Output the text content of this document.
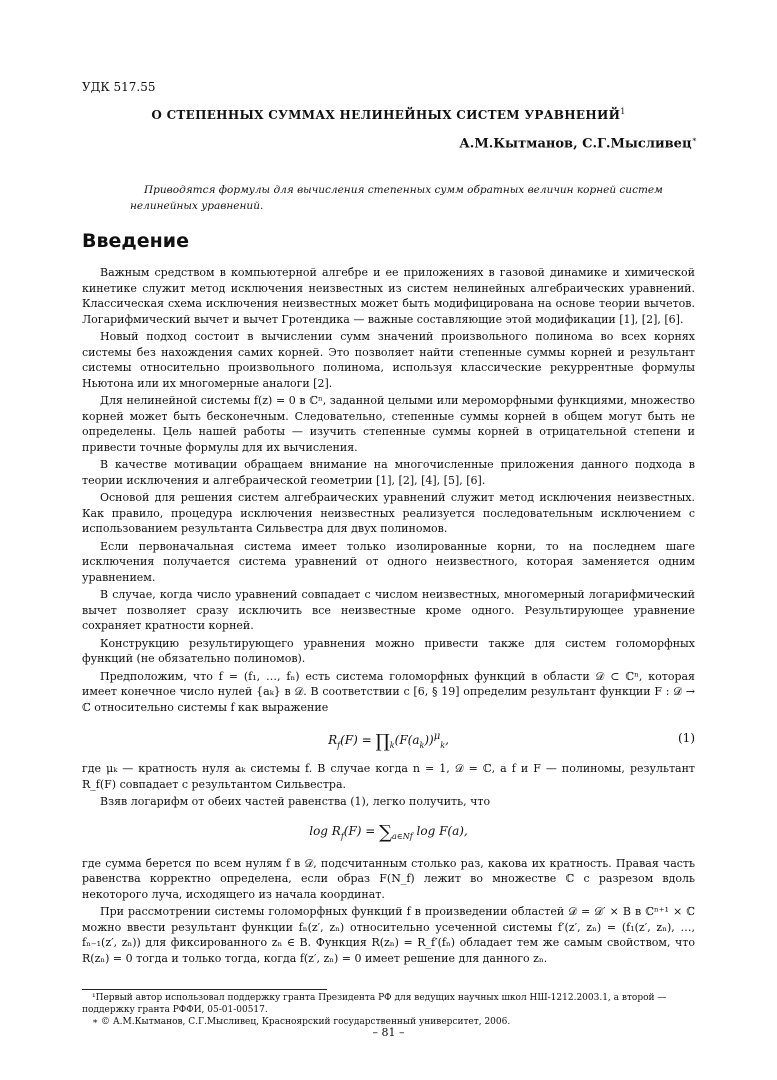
УДК 517.55
О СТЕПЕННЫХ СУММАХ НЕЛИНЕЙНЫХ СИСТЕМ УРАВНЕНИЙ$^1$
А.М.Кытманов, С.Г.Мысливец∗
Приводятся формулы для вычисления степенных сумм обратных величин корней систем нелинейных уравнений.
Введение

Важным средством в компьютерной алгебре и ее приложениях в газовой динамике и химической кинетике служит метод исключения неизвестных из систем нелинейных алгебраических уравнений. Классическая схема исключения неизвестных может быть модифицирована на основе теории вычетов. Логарифмический вычет и вычет Гротендика — важные составляющие этой модификации [1], [2], [6].

Новый подход состоит в вычислении сумм значений произвольного полинома во всех корнях системы без нахождения самих корней. Это позволяет найти степенные суммы корней и результант системы относительно произвольного полинома, используя классические рекуррентные формулы Ньютона или их многомерные аналоги [2].

Для нелинейной системы f(z) = 0 в ℂⁿ, заданной целыми или мероморфными функциями, множество корней может быть бесконечным. Следовательно, степенные суммы корней в общем могут быть не определены. Цель нашей работы — изучить степенные суммы корней в отрицательной степени и привести точные формулы для их вычисления.

В качестве мотивации обращаем внимание на многочисленные приложения данного подхода в теории исключения и алгебраической геометрии [1], [2], [4], [5], [6].

Основой для решения систем алгебраических уравнений служит метод исключения неизвестных. Как правило, процедура исключения неизвестных реализуется последовательным исключением с использованием результанта Сильвестра для двух полиномов.

Если первоначальная система имеет только изолированные корни, то на последнем шаге исключения получается система уравнений от одного неизвестного, которая заменяется одним уравнением.

В случае, когда число уравнений совпадает с числом неизвестных, многомерный логарифмический вычет позволяет сразу исключить все неизвестные кроме одного. Результирующее уравнение сохраняет кратности корней.

Конструкцию результирующего уравнения можно привести также для систем голоморфных функций (не обязательно полиномов).

Предположим, что f = (f₁, …, fₙ) есть система голоморфных функций в области 𝒟 ⊂ ℂⁿ, которая имеет конечное число нулей {aₖ} в 𝒟. В соответствии с [6, § 19] определим результант функции F : 𝒟 → ℂ относительно системы f как выражение

$R_f(F)$ = $\prod_k(F(a_k))^\mu_k$,	(1)

где μₖ — кратность нуля aₖ системы f. В случае когда n = 1, 𝒟 = ℂ, а f и F — полиномы, результант R_f(F) совпадает с результантом Сильвестра.

Взяв логарифм от обеих частей равенства (1), легко получить, что

$\log R_f(F) = \sum_{a\in Nf}$ log F(a),

где сумма берется по всем нулям f в 𝒟, подсчитанным столько раз, какова их кратность. Правая часть равенства корректно определена, если образ F(N_f) лежит во множестве ℂ с разрезом вдоль некоторого луча, исходящего из начала координат.

При рассмотрении системы голоморфных функций f в произведении областей 𝒟 = 𝒟′ × B в ℂⁿ⁺¹ × ℂ можно ввести результант функции fₙ(z′, zₙ) относительно усеченной системы f′(z′, zₙ) = (f₁(z′, zₙ), …, fₙ₋₁(z′, zₙ)) для фиксированного zₙ ∈ B. Функция R(zₙ) = R_f′(fₙ) обладает тем же самым свойством, что R(zₙ) = 0 тогда и только тогда, когда f(z′, zₙ) = 0 имеет решение для данного zₙ.

¹Первый автор использовал поддержку гранта Президента РФ для ведущих научных школ НШ-1212.2003.1, а второй — поддержку гранта РФФИ, 05-01-00517.

∗ © А.М.Кытманов, С.Г.Мысливец, Красноярский государственный университет, 2006.

– 81 –
